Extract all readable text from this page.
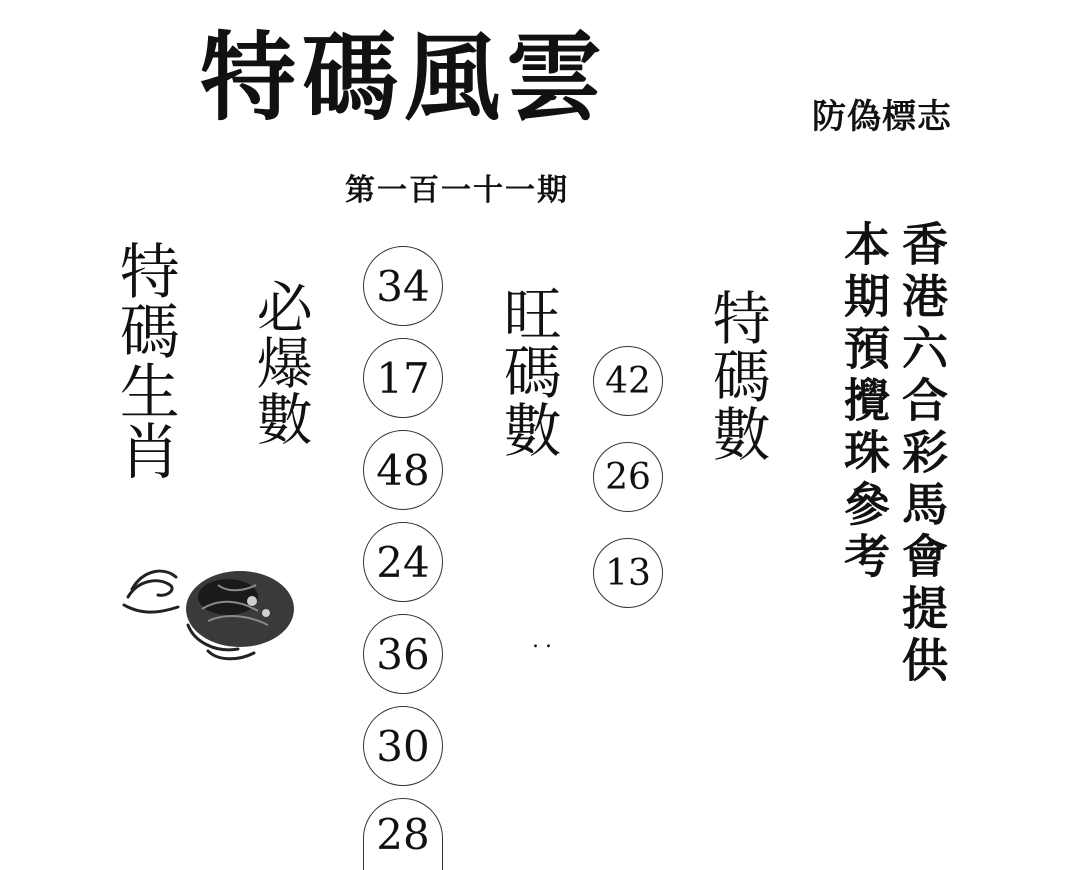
特碼風雲	防偽標志
第一百一十一期
特碼生肖 必爆數	旺碼數 特碼數	香港六合彩馬會提供本期預攪珠參考
34
17
48
24
36
30
28
42
26
13
..
